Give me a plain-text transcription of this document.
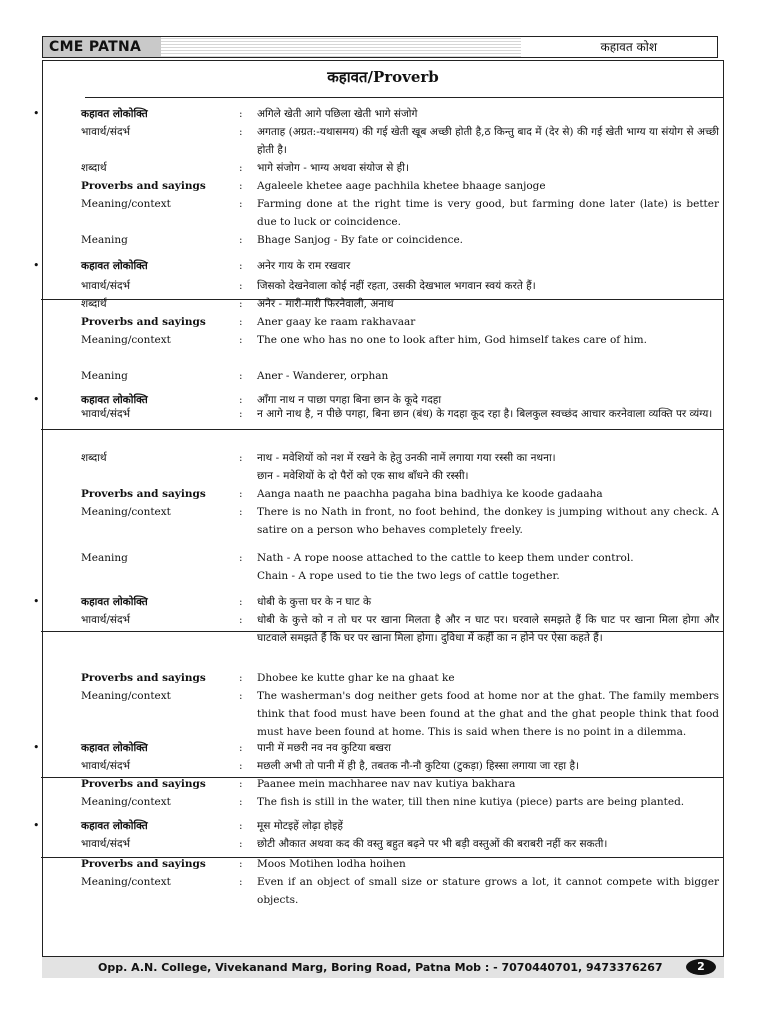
CME PATNA	कहावत कोश
कहावत/Proverb
•	कहावत लोकोक्ति	: अगिले खेती आगे पछिला खेती भागे संजोगे
भावार्थ/संदर्भ	: अगताह (अग्रत:-यथासमय) की गई खेती खूब अच्छी होती है,ठ किन्तु बाद में (देर से) की गई खेती भाग्य या संयोग से अच्छी होती है।
शब्दार्थ	: भागे संजोग - भाग्य अथवा संयोज से ही।
Proverbs and sayings	: Agaleele khetee aage pachhila khetee bhaage sanjoge
Meaning/context	: Farming done at the right time is very good, but farming done later (late) is better due to luck or coincidence.
Meaning	: Bhage Sanjog - By fate or coincidence.
•	कहावत लोकोक्ति	: अनेर गाय के राम रखवार
भावार्थ/संदर्भ	: जिसको देखनेवाला कोई नहीं रहता, उसकी देखभाल भगवान स्वयं करते हैं।
शब्दार्थ	: अनेर - मारी-मारी फिरनेवाली, अनाथ
Proverbs and sayings	: Aner gaay ke raam rakhavaar
Meaning/context	: The one who has no one to look after him, God himself takes care of him.
Meaning	: Aner - Wanderer, orphan
•	कहावत लोकोक्ति	: आँगा नाथ न पाछा पगहा बिना छान के कूदे गदहा
भावार्थ/संदर्भ	: न आगे नाथ है, न पीछे पगहा, बिना छान (बंध) के गदहा कूद रहा है। बिलकुल स्वच्छंद आचार करनेवाला व्यक्ति पर व्यंग्य।
शब्दार्थ	: नाथ - मवेशियों को नश में रखने के हेतु उनकी नामें लगाया गया रस्सी का नथना।
छान - मवेशियों के दो पैरों को एक साथ बाँधने की रस्सी।
Proverbs and sayings	: Aanga naath ne paachha pagaha bina badhiya ke koode gadaaha
Meaning/context	: There is no Nath in front, no foot behind, the donkey is jumping without any check. A satire on a person who behaves completely freely.
Meaning	: Nath - A rope noose attached to the cattle to keep them under control.
Chain - A rope used to tie the two legs of cattle together.
•	कहावत लोकोक्ति	: धोबी के कुत्ता घर के न घाट के
भावार्थ/संदर्भ	: धोबी के कुत्ते को न तो घर पर खाना मिलता है और न घाट पर। घरवाले समझते हैं कि घाट पर खाना मिला होगा और घाटवाले समझते हैं कि घर पर खाना मिला होगा। दुविधा में कहीं का न होने पर ऐसा कहते हैं।
Proverbs and sayings	: Dhobee ke kutte ghar ke na ghaat ke
Meaning/context	: The washerman's dog neither gets food at home nor at the ghat. The family members think that food must have been found at the ghat and the ghat people think that food must have been found at home. This is said when there is no point in a dilemma.
•	कहावत लोकोक्ति	: पानी में मछरी नव नव कुटिया बखरा
भावार्थ/संदर्भ	: मछली अभी तो पानी में ही है, तबतक नौ-नौ कुटिया (टुकड़ा) हिस्सा लगाया जा रहा है।
Proverbs and sayings	: Paanee mein machharee nav nav kutiya bakhara
Meaning/context	: The fish is still in the water, till then nine kutiya (piece) parts are being planted.
•	कहावत लोकोक्ति	: मूस मोटइहें लोढ़ा होइहें
भावार्थ/संदर्भ	: छोटी औकात अथवा कद की वस्तु बहुत बढ़ने पर भी बड़ी वस्तुओं की बराबरी नहीं कर सकती।
Proverbs and sayings	: Moos Motihen lodha hoihen
Meaning/context	: Even if an object of small size or stature grows a lot, it cannot compete with bigger objects.
Opp. A.N. College, Vivekanand Marg, Boring Road, Patna Mob : - 7070440701, 9473376267	2
